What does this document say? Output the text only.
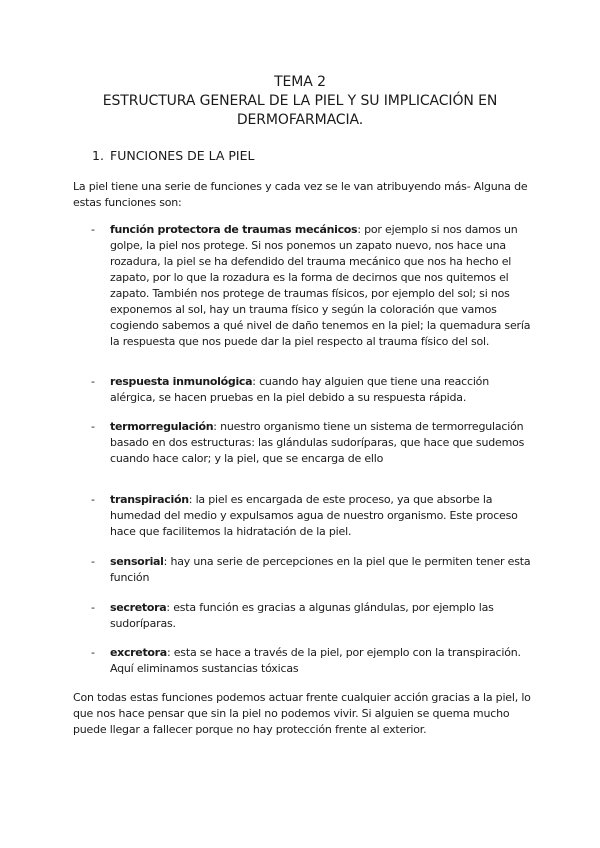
TEMA 2
ESTRUCTURA GENERAL DE LA PIEL Y SU IMPLICACIÓN EN
DERMOFARMACIA.
1. FUNCIONES DE LA PIEL
La piel tiene una serie de funciones y cada vez se le van atribuyendo más- Alguna de estas funciones son:
- función protectora de traumas mecánicos: por ejemplo si nos damos un golpe, la piel nos protege. Si nos ponemos un zapato nuevo, nos hace una rozadura, la piel se ha defendido del trauma mecánico que nos ha hecho el zapato, por lo que la rozadura es la forma de decirnos que nos quitemos el zapato. También nos protege de traumas físicos, por ejemplo del sol; si nos exponemos al sol, hay un trauma físico y según la coloración que vamos cogiendo sabemos a qué nivel de daño tenemos en la piel; la quemadura sería la respuesta que nos puede dar la piel respecto al trauma físico del sol.
- respuesta inmunológica: cuando hay alguien que tiene una reacción alérgica, se hacen pruebas en la piel debido a su respuesta rápida.
- termorregulación: nuestro organismo tiene un sistema de termorregulación basado en dos estructuras: las glándulas sudoríparas, que hace que sudemos cuando hace calor; y la piel, que se encarga de ello
- transpiración: la piel es encargada de este proceso, ya que absorbe la humedad del medio y expulsamos agua de nuestro organismo. Este proceso hace que facilitemos la hidratación de la piel.
- sensorial: hay una serie de percepciones en la piel que le permiten tener esta función
- secretora: esta función es gracias a algunas glándulas, por ejemplo las sudoríparas.
- excretora: esta se hace a través de la piel, por ejemplo con la transpiración. Aquí eliminamos sustancias tóxicas
Con todas estas funciones podemos actuar frente cualquier acción gracias a la piel, lo que nos hace pensar que sin la piel no podemos vivir. Si alguien se quema mucho puede llegar a fallecer porque no hay protección frente al exterior.
